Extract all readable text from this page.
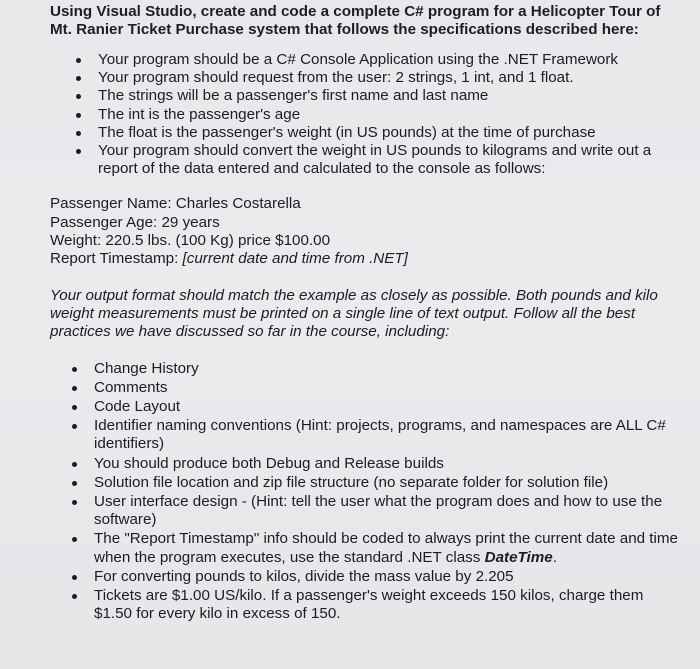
Using Visual Studio, create and code a complete C# program for a Helicopter Tour of Mt. Ranier Ticket Purchase system that follows the specifications described here:
Your program should be a C# Console Application using the .NET Framework
Your program should request from the user: 2 strings, 1 int, and 1 float.
The strings will be a passenger's first name and last name
The int is the passenger's age
The float is the passenger's weight (in US pounds) at the time of purchase
Your program should convert the weight in US pounds to kilograms and write out a report of the data entered and calculated to the console as follows:
Passenger Name: Charles Costarella
Passenger Age: 29 years
Weight: 220.5 lbs. (100 Kg) price $100.00
Report Timestamp: [current date and time from .NET]
Your output format should match the example as closely as possible. Both pounds and kilo weight measurements must be printed on a single line of text output. Follow all the best practices we have discussed so far in the course, including:
Change History
Comments
Code Layout
Identifier naming conventions (Hint: projects, programs, and namespaces are ALL C# identifiers)
You should produce both Debug and Release builds
Solution file location and zip file structure (no separate folder for solution file)
User interface design - (Hint: tell the user what the program does and how to use the software)
The "Report Timestamp" info should be coded to always print the current date and time when the program executes, use the standard .NET class DateTime.
For converting pounds to kilos, divide the mass value by 2.205
Tickets are $1.00 US/kilo. If a passenger's weight exceeds 150 kilos, charge them $1.50 for every kilo in excess of 150.
